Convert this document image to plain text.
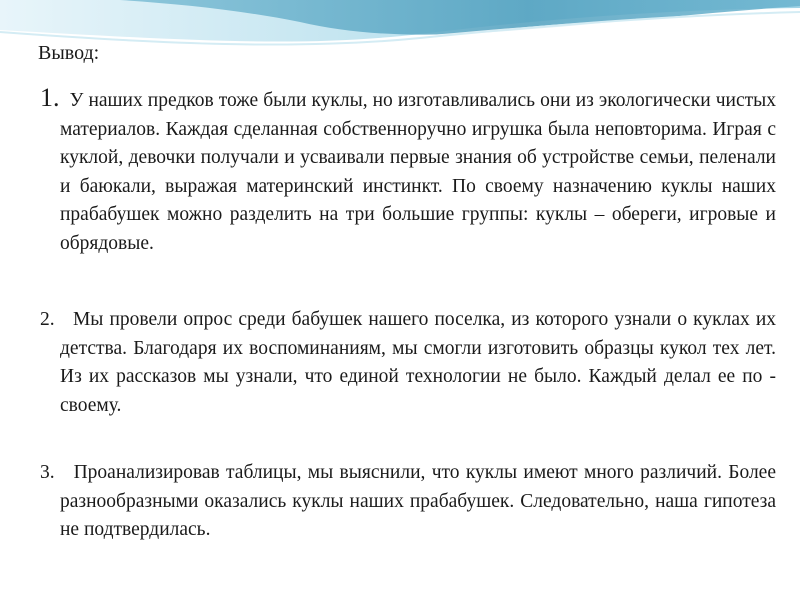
Вывод:

1. У наших предков тоже были куклы, но изготавливались они из экологически чистых материалов. Каждая сделанная собственноручно игрушка была неповторима. Играя с куклой, девочки получали и усваивали первые знания об устройстве семьи, пеленали и баюкали, выражая материнский инстинкт. По своему назначению куклы наших прабабушек можно разделить на три большие группы: куклы – обереги, игровые и обрядовые.

2. Мы провели опрос среди бабушек нашего поселка, из которого узнали о куклах их детства. Благодаря их воспоминаниям, мы смогли изготовить образцы кукол тех лет. Из их рассказов мы узнали, что единой технологии не было. Каждый делал ее по - своему.

3. Проанализировав таблицы, мы выяснили, что куклы имеют много различий. Более разнообразными оказались куклы наших прабабушек. Следовательно, наша гипотеза не подтвердилась.
